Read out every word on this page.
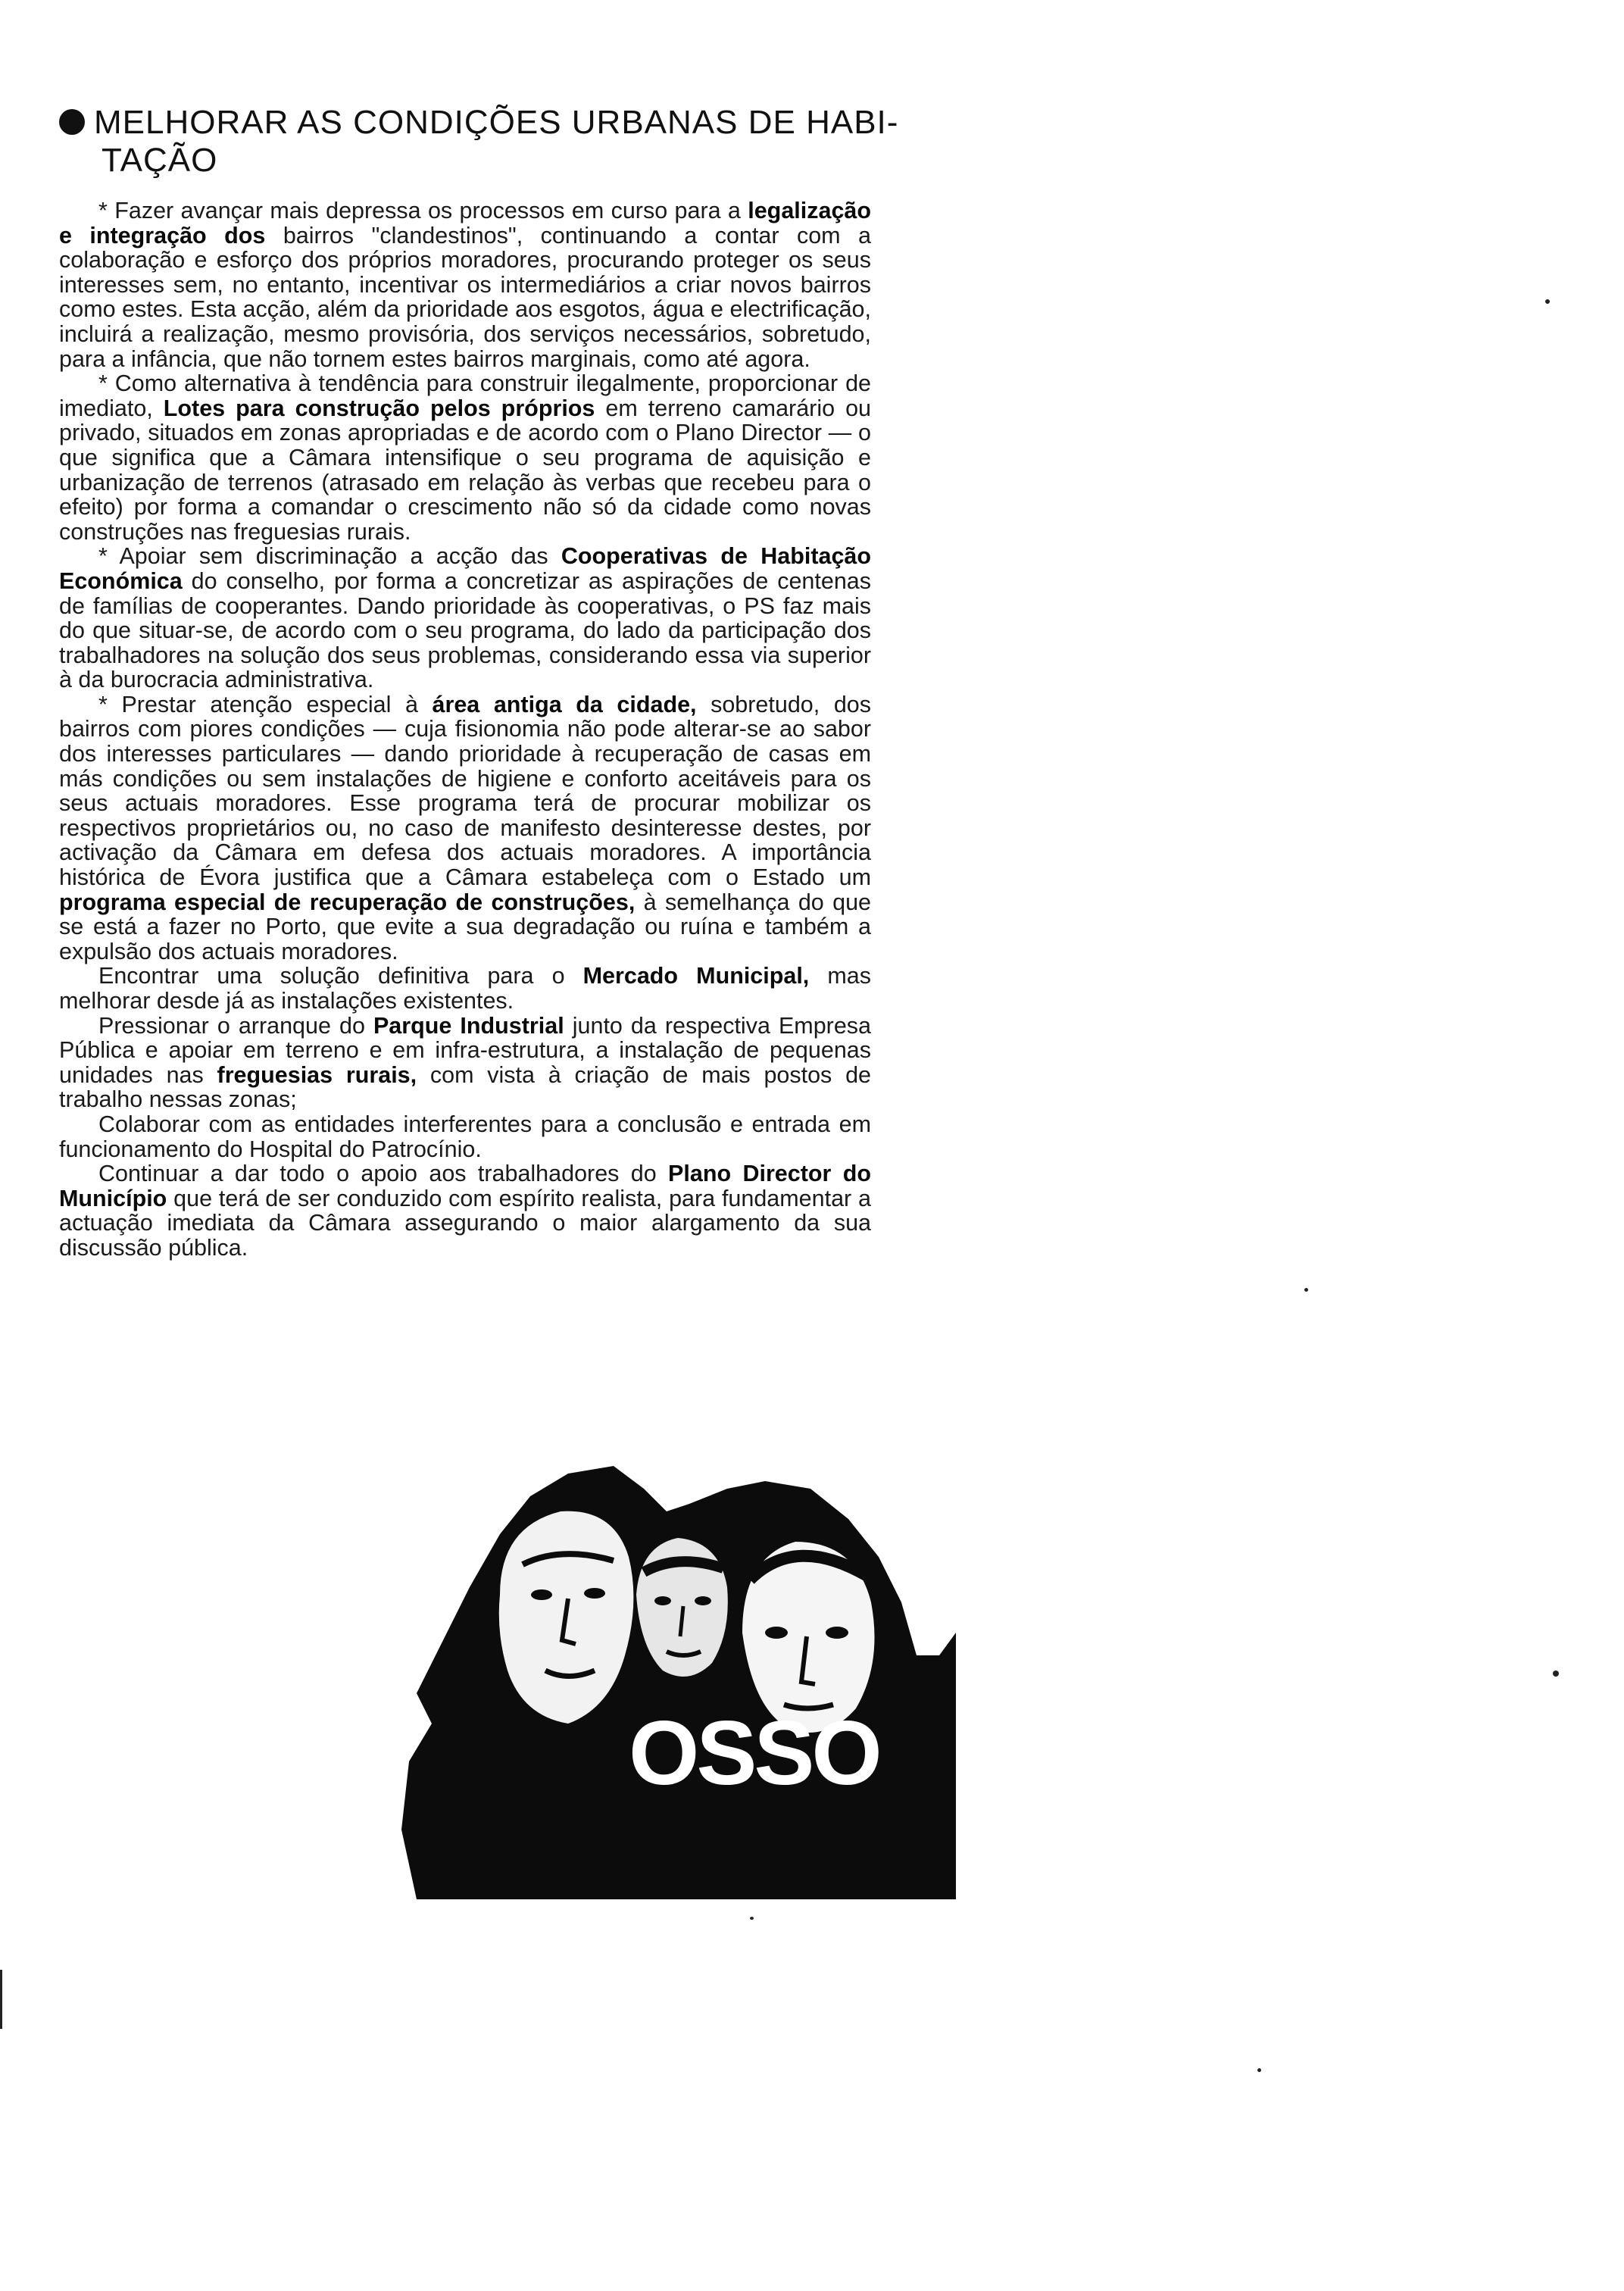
MELHORAR AS CONDIÇÕES URBANAS DE HABI-
TAÇÃO

* Fazer avançar mais depressa os processos em curso para a legalização e integração dos bairros "clandestinos", continuando a contar com a colaboração e esforço dos próprios moradores, procurando proteger os seus interesses sem, no entanto, incentivar os intermediários a criar novos bairros como estes. Esta acção, além da prioridade aos esgotos, água e electrificação, incluirá a realização, mesmo provisória, dos serviços necessários, sobretudo, para a infância, que não tornem estes bairros marginais, como até agora.

* Como alternativa à tendência para construir ilegalmente, proporcionar de imediato, Lotes para construção pelos próprios em terreno camarário ou privado, situados em zonas apropriadas e de acordo com o Plano Director — o que significa que a Câmara intensifique o seu programa de aquisição e urbanização de terrenos (atrasado em relação às verbas que recebeu para o efeito) por forma a comandar o crescimento não só da cidade como novas construções nas freguesias rurais.

* Apoiar sem discriminação a acção das Cooperativas de Habitação Económica do conselho, por forma a concretizar as aspirações de centenas de famílias de cooperantes. Dando prioridade às cooperativas, o PS faz mais do que situar-se, de acordo com o seu programa, do lado da participação dos trabalhadores na solução dos seus problemas, considerando essa via superior à da burocracia administrativa.

* Prestar atenção especial à área antiga da cidade, sobretudo, dos bairros com piores condições — cuja fisionomia não pode alterar-se ao sabor dos interesses particulares — dando prioridade à recuperação de casas em más condições ou sem instalações de higiene e conforto aceitáveis para os seus actuais moradores. Esse programa terá de procurar mobilizar os respectivos proprietários ou, no caso de manifesto desinteresse destes, por activação da Câmara em defesa dos actuais moradores. A importância histórica de Évora justifica que a Câmara estabeleça com o Estado um programa especial de recuperação de construções, à semelhança do que se está a fazer no Porto, que evite a sua degradação ou ruína e também a expulsão dos actuais moradores.

Encontrar uma solução definitiva para o Mercado Municipal, mas melhorar desde já as instalações existentes.

Pressionar o arranque do Parque Industrial junto da respectiva Empresa Pública e apoiar em terreno e em infra-estrutura, a instalação de pequenas unidades nas freguesias rurais, com vista à criação de mais postos de trabalho nessas zonas;

Colaborar com as entidades interferentes para a conclusão e entrada em funcionamento do Hospital do Patrocínio.

Continuar a dar todo o apoio aos trabalhadores do Plano Director do Município que terá de ser conduzido com espírito realista, para fundamentar a actuação imediata da Câmara assegurando o maior alargamento da sua discussão pública.

OSSO
